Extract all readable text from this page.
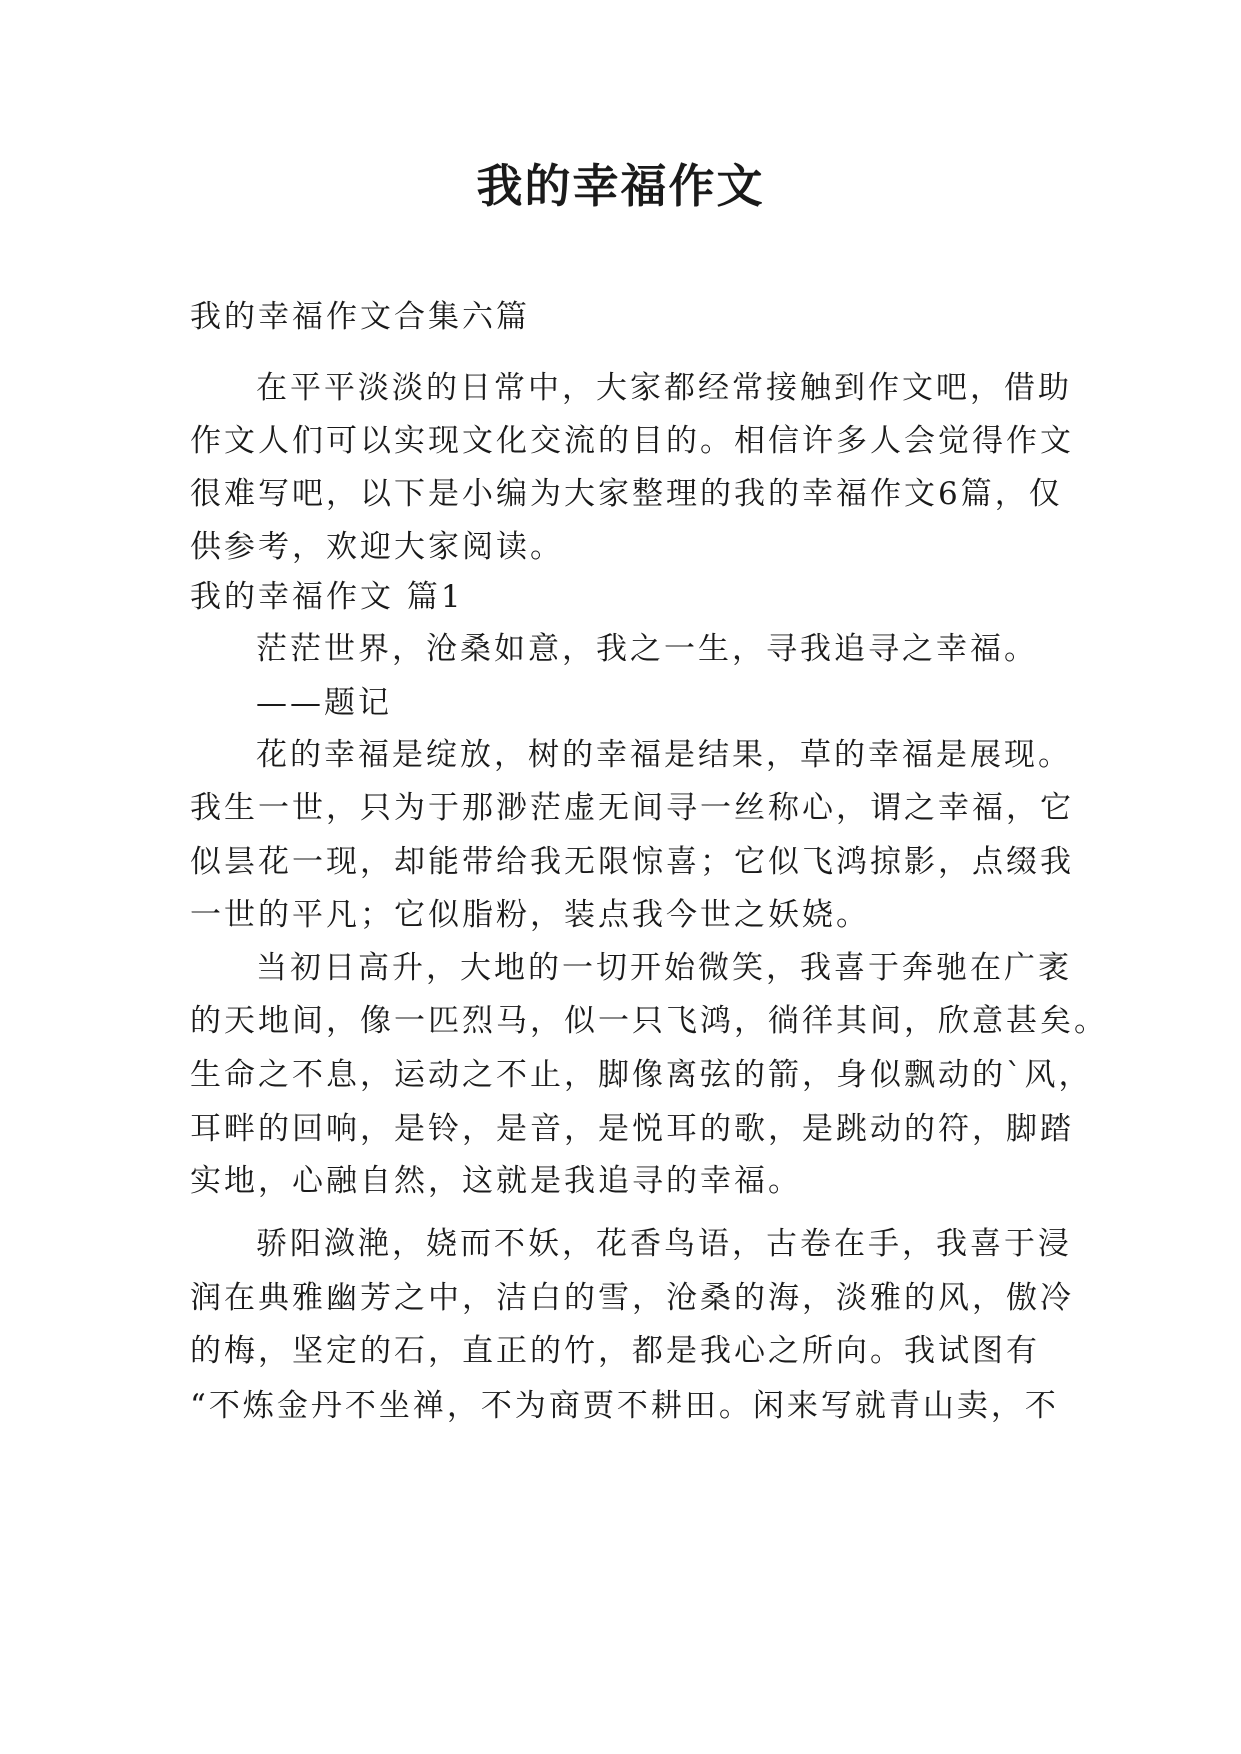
我的幸福作文
我的幸福作文合集六篇
在平平淡淡的日常中，大家都经常接触到作文吧，借助
作文人们可以实现文化交流的目的。相信许多人会觉得作文
很难写吧，以下是小编为大家整理的我的幸福作文6篇，仅
供参考，欢迎大家阅读。
我的幸福作文 篇1
茫茫世界，沧桑如意，我之一生，寻我追寻之幸福。
——题记
花的幸福是绽放，树的幸福是结果，草的幸福是展现。
我生一世，只为于那渺茫虚无间寻一丝称心，谓之幸福，它
似昙花一现，却能带给我无限惊喜；它似飞鸿掠影，点缀我
一世的平凡；它似脂粉，装点我今世之妖娆。
当初日高升，大地的一切开始微笑，我喜于奔驰在广袤
的天地间，像一匹烈马，似一只飞鸿，徜徉其间，欣意甚矣。
生命之不息，运动之不止，脚像离弦的箭，身似飘动的`风，
耳畔的回响，是铃，是音，是悦耳的歌，是跳动的符，脚踏
实地，心融自然，这就是我追寻的幸福。
骄阳潋滟，娆而不妖，花香鸟语，古卷在手，我喜于浸
润在典雅幽芳之中，洁白的雪，沧桑的海，淡雅的风，傲冷
的梅，坚定的石，直正的竹，都是我心之所向。我试图有
“不炼金丹不坐禅，不为商贾不耕田。闲来写就青山卖，不
